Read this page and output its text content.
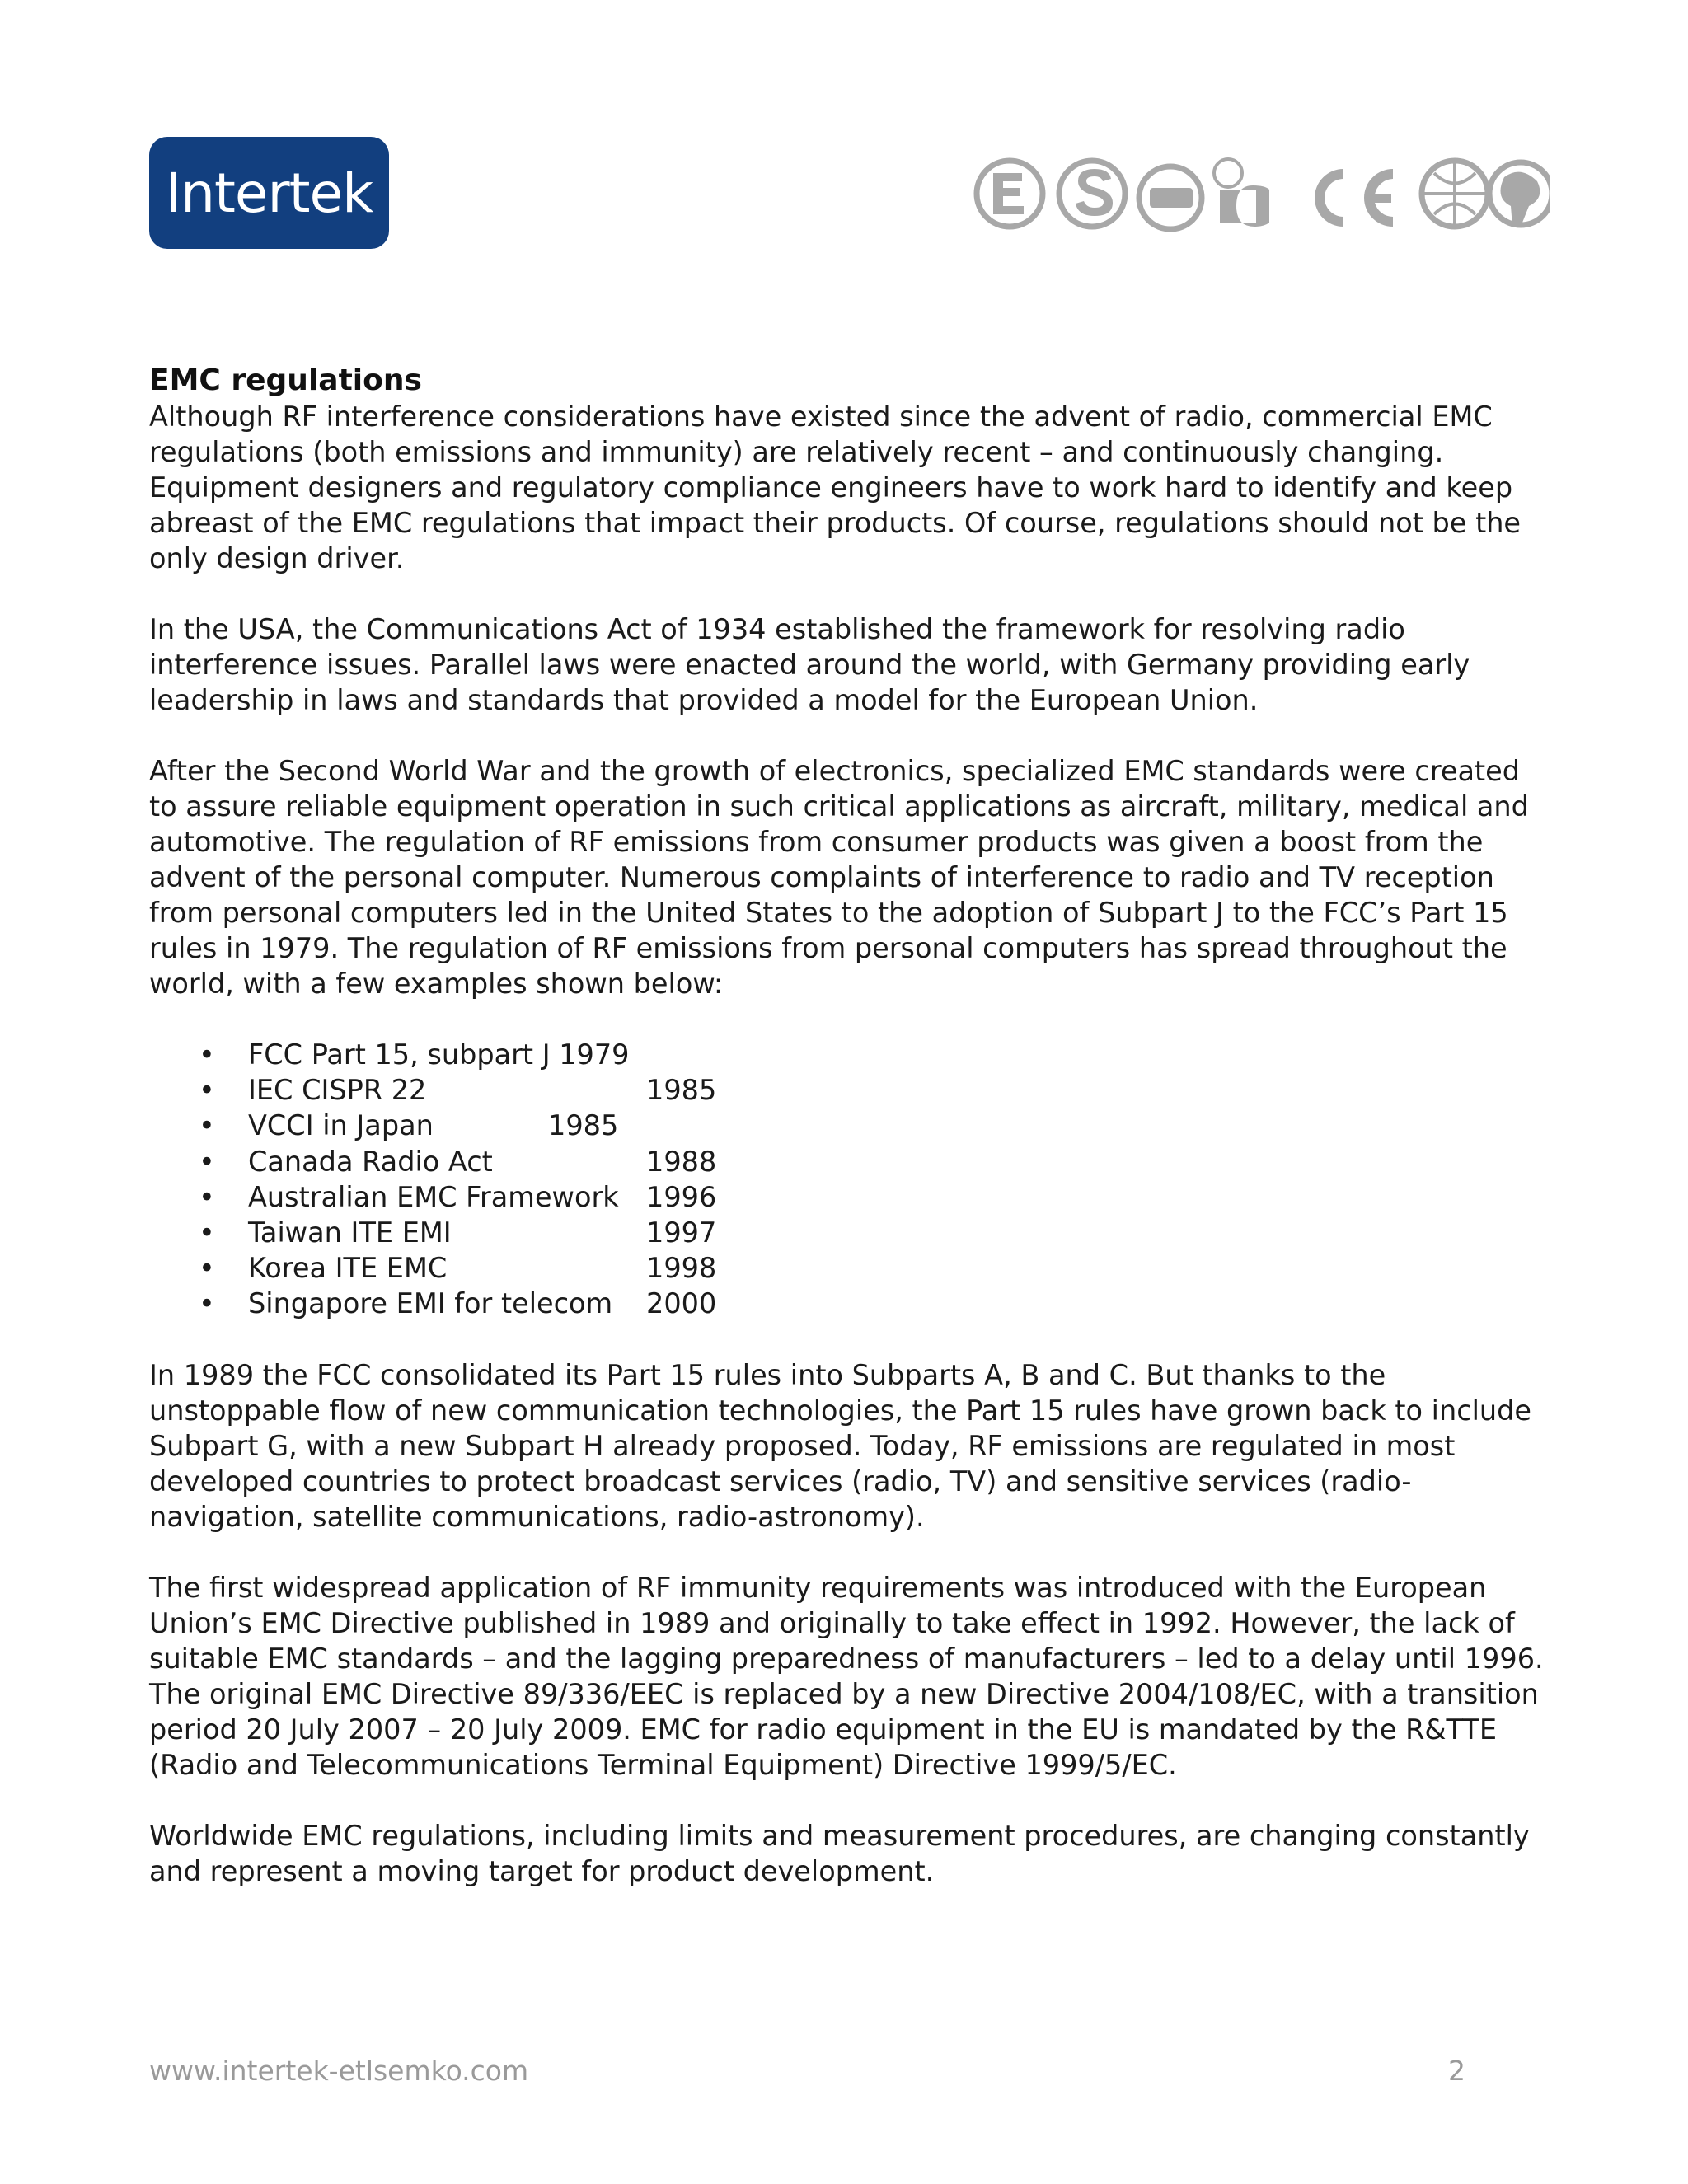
Intertek
EMC regulations

Although RF interference considerations have existed since the advent of radio, commercial EMC regulations (both emissions and immunity) are relatively recent – and continuously changing. Equipment designers and regulatory compliance engineers have to work hard to identify and keep abreast of the EMC regulations that impact their products. Of course, regulations should not be the only design driver.

In the USA, the Communications Act of 1934 established the framework for resolving radio interference issues. Parallel laws were enacted around the world, with Germany providing early leadership in laws and standards that provided a model for the European Union.

After the Second World War and the growth of electronics, specialized EMC standards were created to assure reliable equipment operation in such critical applications as aircraft, military, medical and automotive. The regulation of RF emissions from consumer products was given a boost from the advent of the personal computer. Numerous complaints of interference to radio and TV reception from personal computers led in the United States to the adoption of Subpart J to the FCC’s Part 15 rules in 1979. The regulation of RF emissions from personal computers has spread throughout the world, with a few examples shown below:

• FCC Part 15, subpart J 1979
• IEC CISPR 22	1985
• VCCI in Japan	1985
• Canada Radio Act	1988
• Australian EMC Framework 1996
• Taiwan ITE EMI	1997
• Korea ITE EMC	1998
• Singapore EMI for telecom 2000

In 1989 the FCC consolidated its Part 15 rules into Subparts A, B and C. But thanks to the unstoppable flow of new communication technologies, the Part 15 rules have grown back to include Subpart G, with a new Subpart H already proposed. Today, RF emissions are regulated in most developed countries to protect broadcast services (radio, TV) and sensitive services (radio-navigation, satellite communications, radio-astronomy).

The first widespread application of RF immunity requirements was introduced with the European Union’s EMC Directive published in 1989 and originally to take effect in 1992. However, the lack of suitable EMC standards – and the lagging preparedness of manufacturers – led to a delay until 1996. The original EMC Directive 89/336/EEC is replaced by a new Directive 2004/108/EC, with a transition period 20 July 2007 – 20 July 2009. EMC for radio equipment in the EU is mandated by the R&TTE (Radio and Telecommunications Terminal Equipment) Directive 1999/5/EC.

Worldwide EMC regulations, including limits and measurement procedures, are changing constantly and represent a moving target for product development.

www.intertek-etlsemko.com	2
